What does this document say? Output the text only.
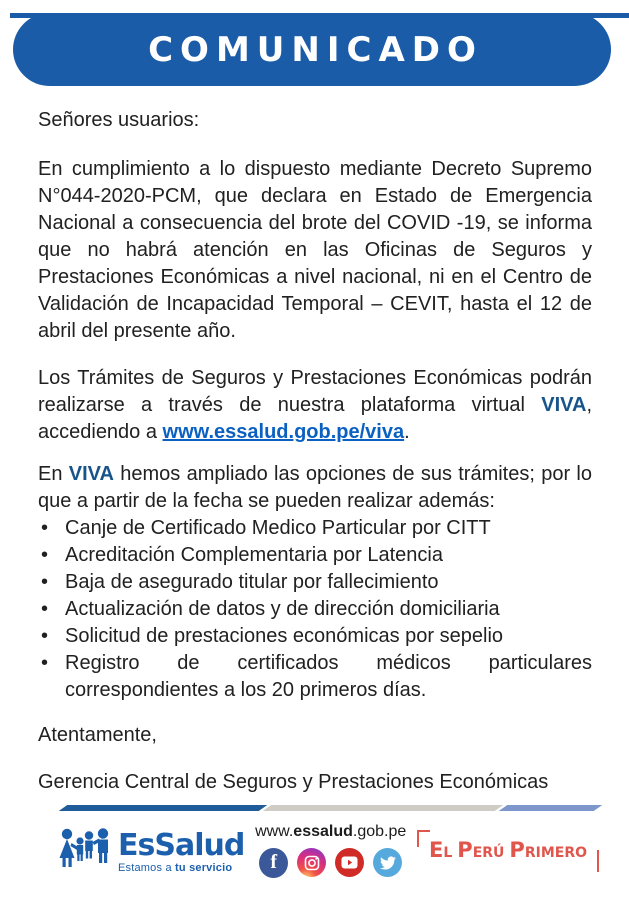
COMUNICADO

Señores usuarios:

En cumplimiento a lo dispuesto mediante Decreto Supremo N°044-2020-PCM, que declara en Estado de Emergencia Nacional a consecuencia del brote del COVID -19, se informa que no habrá atención en las Oficinas de Seguros y Prestaciones Económicas a nivel nacional, ni en el Centro de Validación de Incapacidad Temporal – CEVIT, hasta el 12 de abril del presente año.

Los Trámites de Seguros y Prestaciones Económicas podrán realizarse a través de nuestra plataforma virtual VIVA, accediendo a www.essalud.gob.pe/viva.

En VIVA hemos ampliado las opciones de sus trámites; por lo que a partir de la fecha se pueden realizar además:

• Canje de Certificado Medico Particular por CITT
• Acreditación Complementaria por Latencia
• Baja de asegurado titular por fallecimiento
• Actualización de datos y de dirección domiciliaria
• Solicitud de prestaciones económicas por sepelio
• Registro de certificados médicos particulares correspondientes a los 20 primeros días.

Atentamente,

Gerencia Central de Seguros y Prestaciones Económicas

EsSalud
Estamos a tu servicio
www.essalud.gob.pe
f
EL PERÚ PRIMERO
